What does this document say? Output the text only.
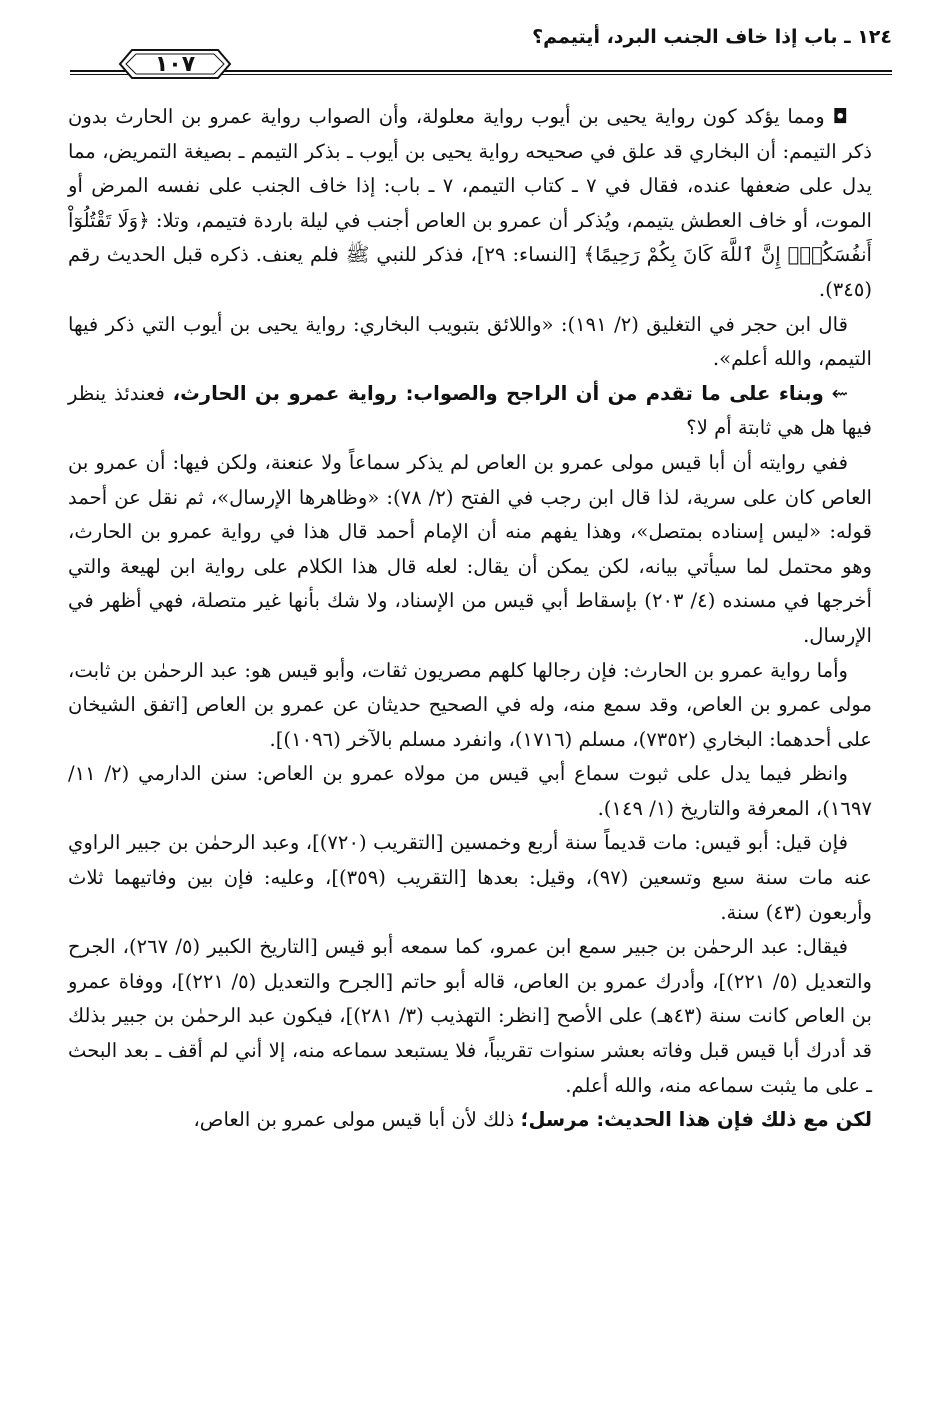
١٢٤ ـ باب إذا خاف الجنب البرد، أيتيمم؟
١٠٧

◘ ومما يؤكد كون رواية يحيى بن أيوب رواية معلولة، وأن الصواب رواية عمرو بن الحارث بدون ذكر التيمم: أن البخاري قد علق في صحيحه رواية يحيى بن أيوب ـ بذكر التيمم ـ بصيغة التمريض، مما يدل على ضعفها عنده، فقال في ٧ ـ كتاب التيمم، ٧ ـ باب: إذا خاف الجنب على نفسه المرض أو الموت، أو خاف العطش يتيمم، ويُذكر أن عمرو بن العاص أجنب في ليلة باردة فتيمم، وتلا: ﴿وَلَا تَقْتُلُوٓاْ أَنفُسَكُمْۚ إِنَّ ٱللَّهَ كَانَ بِكُمْ رَحِيمًا﴾ [النساء: ٢٩]، فذكر للنبي ﷺ فلم يعنف. ذكره قبل الحديث رقم (٣٤٥).

قال ابن حجر في التغليق (٢/ ١٩١): «واللائق بتبويب البخاري: رواية يحيى بن أيوب التي ذكر فيها التيمم، والله أعلم».

⇜ وبناء على ما تقدم من أن الراجح والصواب: رواية عمرو بن الحارث، فعندئذ ينظر فيها هل هي ثابتة أم لا؟

ففي روايته أن أبا قيس مولى عمرو بن العاص لم يذكر سماعاً ولا عنعنة، ولكن فيها: أن عمرو بن العاص كان على سرية، لذا قال ابن رجب في الفتح (٢/ ٧٨): «وظاهرها الإرسال»، ثم نقل عن أحمد قوله: «ليس إسناده بمتصل»، وهذا يفهم منه أن الإمام أحمد قال هذا في رواية عمرو بن الحارث، وهو محتمل لما سيأتي بيانه، لكن يمكن أن يقال: لعله قال هذا الكلام على رواية ابن لهيعة والتي أخرجها في مسنده (٤/ ٢٠٣) بإسقاط أبي قيس من الإسناد، ولا شك بأنها غير متصلة، فهي أظهر في الإرسال.

وأما رواية عمرو بن الحارث: فإن رجالها كلهم مصريون ثقات، وأبو قيس هو: عبد الرحمٰن بن ثابت، مولى عمرو بن العاص، وقد سمع منه، وله في الصحيح حديثان عن عمرو بن العاص [اتفق الشيخان على أحدهما: البخاري (٧٣٥٢)، مسلم (١٧١٦)، وانفرد مسلم بالآخر (١٠٩٦)].

وانظر فيما يدل على ثبوت سماع أبي قيس من مولاه عمرو بن العاص: سنن الدارمي (٢/ ١١/ ١٦٩٧)، المعرفة والتاريخ (١/ ١٤٩).

فإن قيل: أبو قيس: مات قديماً سنة أربع وخمسين [التقريب (٧٢٠)]، وعبد الرحمٰن بن جبير الراوي عنه مات سنة سبع وتسعين (٩٧)، وقيل: بعدها [التقريب (٣٥٩)]، وعليه: فإن بين وفاتيهما ثلاث وأربعون (٤٣) سنة.

فيقال: عبد الرحمٰن بن جبير سمع ابن عمرو، كما سمعه أبو قيس [التاريخ الكبير (٥/ ٢٦٧)، الجرح والتعديل (٥/ ٢٢١)]، وأدرك عمرو بن العاص، قاله أبو حاتم [الجرح والتعديل (٥/ ٢٢١)]، ووفاة عمرو بن العاص كانت سنة (٤٣هـ) على الأصح [انظر: التهذيب (٣/ ٢٨١)]، فيكون عبد الرحمٰن بن جبير بذلك قد أدرك أبا قيس قبل وفاته بعشر سنوات تقريباً، فلا يستبعد سماعه منه، إلا أني لم أقف ـ بعد البحث ـ على ما يثبت سماعه منه، والله أعلم.

لكن مع ذلك فإن هذا الحديث: مرسل؛ ذلك لأن أبا قيس مولى عمرو بن العاص،
